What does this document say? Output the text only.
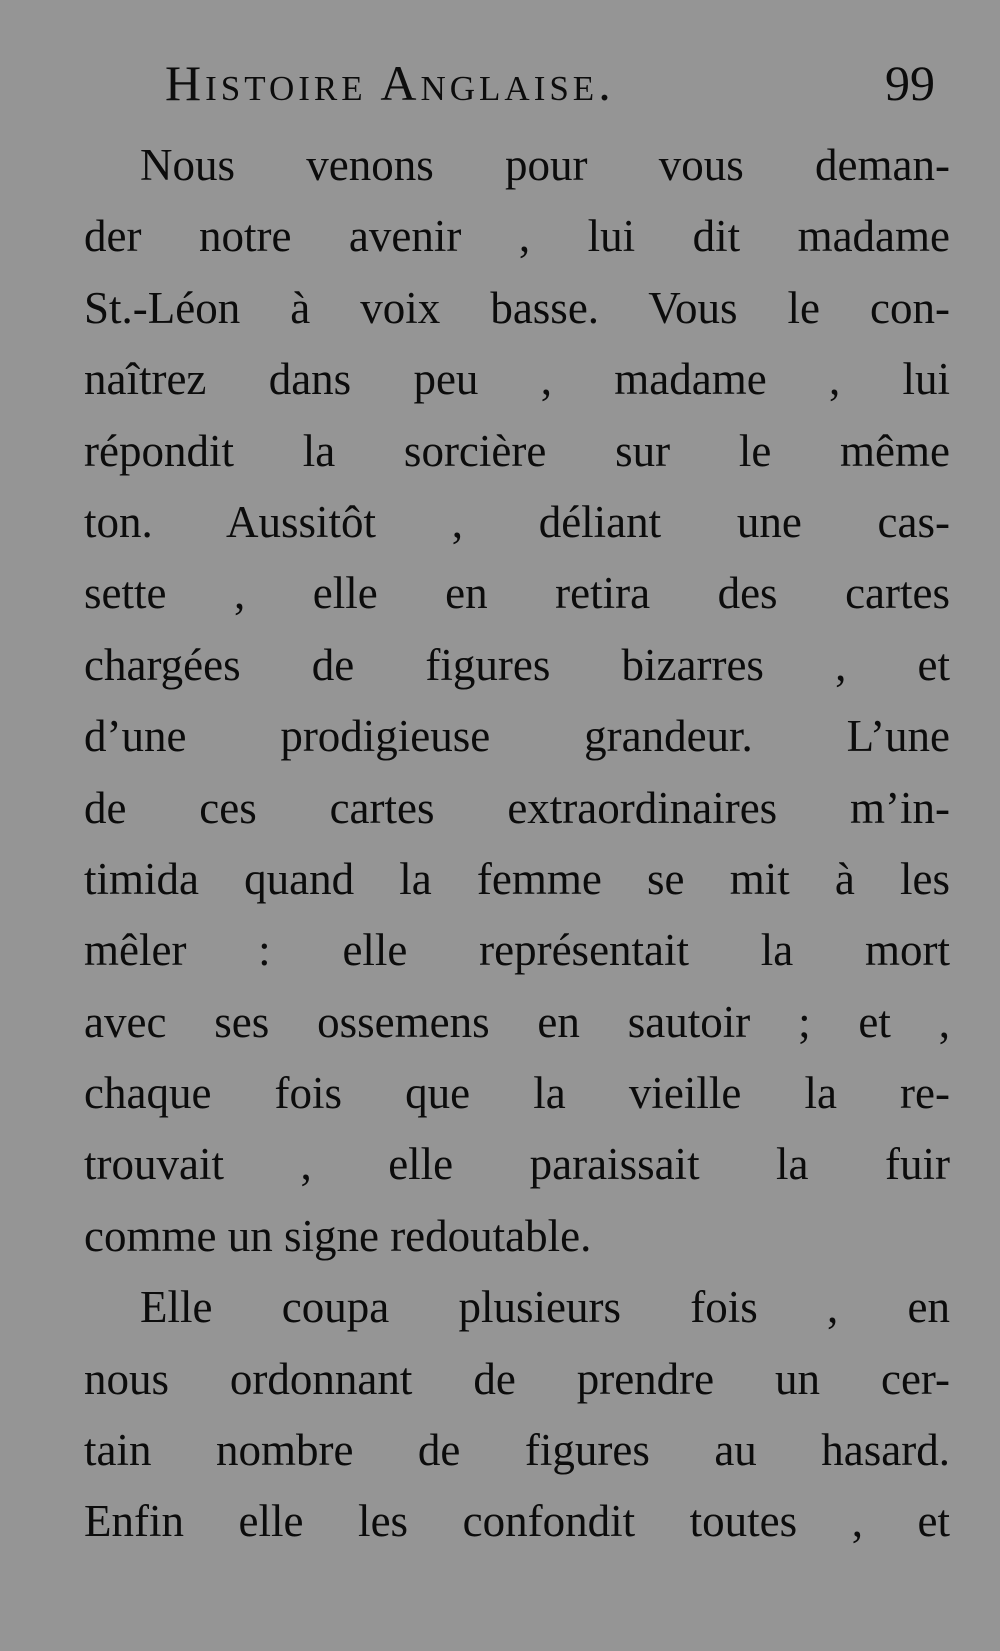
Histoire Anglaise.	99
Nous venons pour vous deman-
der notre avenir , lui dit madame
St.-Léon à voix basse. Vous le con-
naîtrez dans peu , madame , lui
répondit la sorcière sur le même
ton. Aussitôt , déliant une cas-
sette , elle en retira des cartes
chargées de figures bizarres , et
d’une prodigieuse grandeur. L’une
de ces cartes extraordinaires m’in-
timida quand la femme se mit à les
mêler : elle représentait la mort
avec ses ossemens en sautoir ; et ,
chaque fois que la vieille la re-
trouvait , elle paraissait la fuir
comme un signe redoutable.
Elle coupa plusieurs fois , en
nous ordonnant de prendre un cer-
tain nombre de figures au hasard.
Enfin elle les confondit toutes , et
